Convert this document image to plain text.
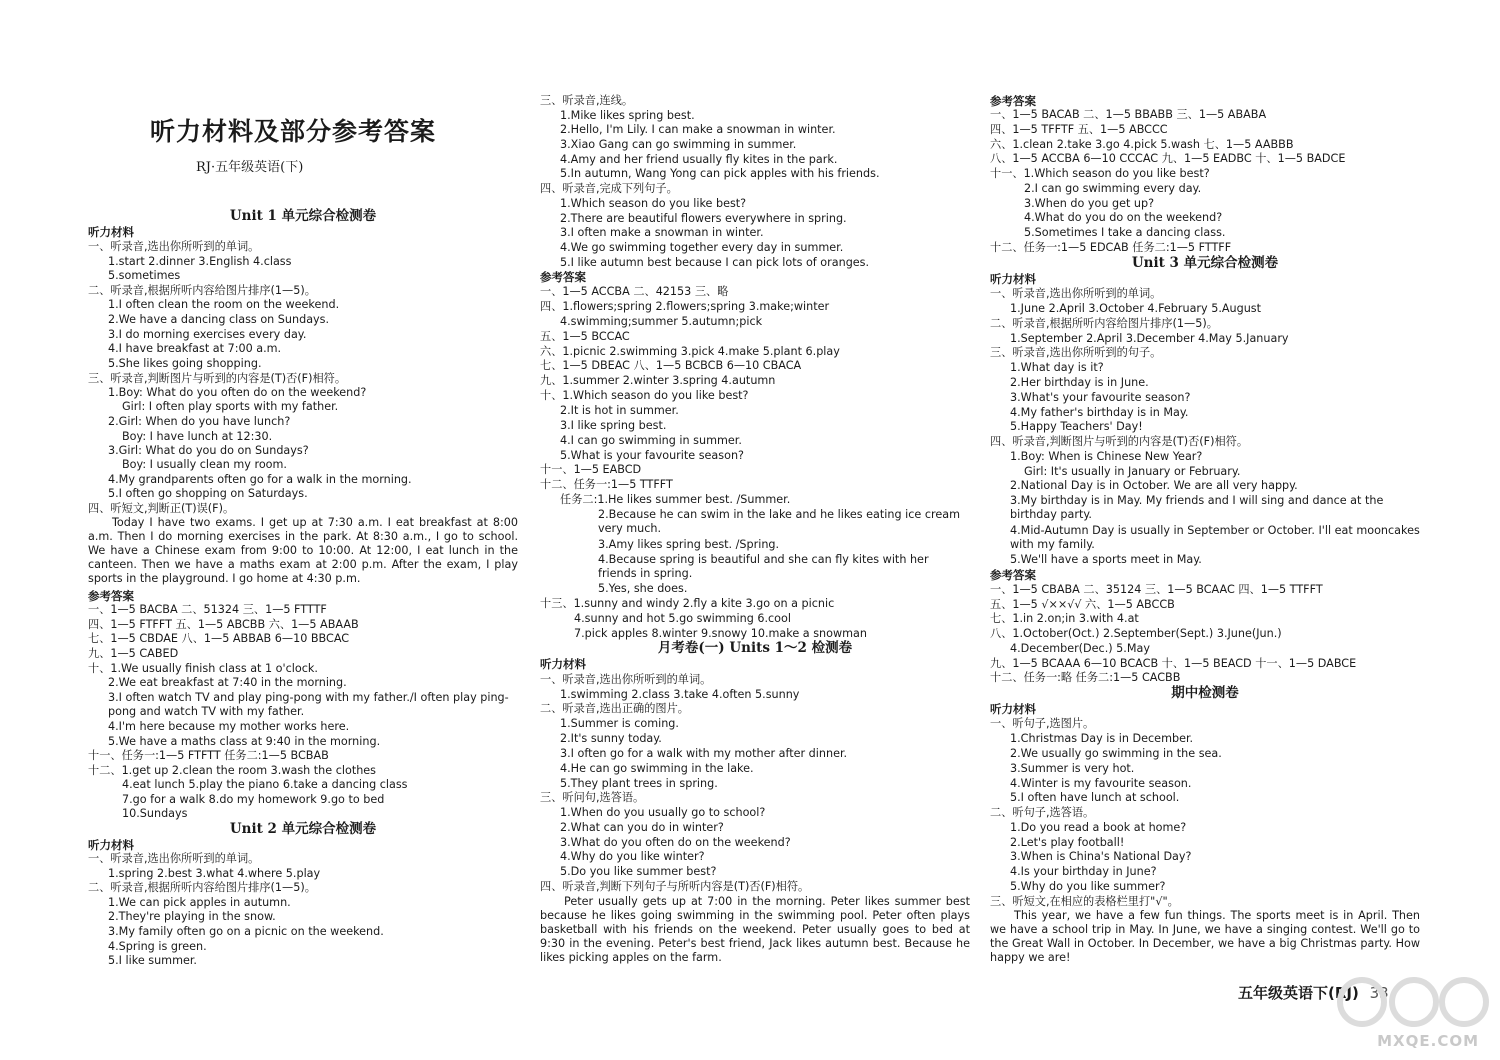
听力材料及部分参考答案
RJ·五年级英语(下)
Unit 1 单元综合检测卷
听力材料
一、听录音,选出你所听到的单词。
1.start 2.dinner 3.English 4.class
5.sometimes
二、听录音,根据所听内容给图片排序(1—5)。
1.I often clean the room on the weekend.
2.We have a dancing class on Sundays.
3.I do morning exercises every day.
4.I have breakfast at 7:00 a.m.
5.She likes going shopping.
三、听录音,判断图片与听到的内容是(T)否(F)相符。
1.Boy: What do you often do on the weekend?
Girl: I often play sports with my father.
2.Girl: When do you have lunch?
Boy: I have lunch at 12:30.
3.Girl: What do you do on Sundays?
Boy: I usually clean my room.
4.My grandparents often go for a walk in the morning.
5.I often go shopping on Saturdays.
四、听短文,判断正(T)误(F)。
Today I have two exams. I get up at 7:30 a.m. I eat breakfast at 8:00 a.m. Then I do morning exercises in the park. At 8:30 a.m., I go to school. We have a Chinese exam from 9:00 to 10:00. At 12:00, I eat lunch in the canteen. Then we have a maths exam at 2:00 p.m. After the exam, I play sports in the playground. I go home at 4:30 p.m.
参考答案
一、1—5 BACBA 二、51324 三、1—5 FTTTF
四、1—5 FTFFT 五、1—5 ABCBB 六、1—5 ABAAB
七、1—5 CBDAE 八、1—5 ABBAB 6—10 BBCAC
九、1—5 CABED
十、1.We usually finish class at 1 o'clock.
2.We eat breakfast at 7:40 in the morning.
3.I often watch TV and play ping-pong with my father./I often play ping-pong and watch TV with my father.
4.I'm here because my mother works here.
5.We have a maths class at 9:40 in the morning.
十一、任务一:1—5 FTFTT 任务二:1—5 BCBAB
十二、1.get up 2.clean the room 3.wash the clothes
4.eat lunch 5.play the piano 6.take a dancing class
7.go for a walk 8.do my homework 9.go to bed
10.Sundays
Unit 2 单元综合检测卷
听力材料
一、听录音,选出你所听到的单词。
1.spring 2.best 3.what 4.where 5.play
二、听录音,根据所听内容给图片排序(1—5)。
1.We can pick apples in autumn.
2.They're playing in the snow.
3.My family often go on a picnic on the weekend.
4.Spring is green.
5.I like summer.
三、听录音,连线。
1.Mike likes spring best.
2.Hello, I'm Lily. I can make a snowman in winter.
3.Xiao Gang can go swimming in summer.
4.Amy and her friend usually fly kites in the park.
5.In autumn, Wang Yong can pick apples with his friends.
四、听录音,完成下列句子。
1.Which season do you like best?
2.There are beautiful flowers everywhere in spring.
3.I often make a snowman in winter.
4.We go swimming together every day in summer.
5.I like autumn best because I can pick lots of oranges.
参考答案
一、1—5 ACCBA 二、42153 三、略
四、1.flowers;spring 2.flowers;spring 3.make;winter
4.swimming;summer 5.autumn;pick
五、1—5 BCCAC
六、1.picnic 2.swimming 3.pick 4.make 5.plant 6.play
七、1—5 DBEAC 八、1—5 BCBCB 6—10 CBACA
九、1.summer 2.winter 3.spring 4.autumn
十、1.Which season do you like best?
2.It is hot in summer.
3.I like spring best.
4.I can go swimming in summer.
5.What is your favourite season?
十一、1—5 EABCD
十二、任务一:1—5 TTFFT
任务二:1.He likes summer best. /Summer.
2.Because he can swim in the lake and he likes eating ice cream very much.
3.Amy likes spring best. /Spring.
4.Because spring is beautiful and she can fly kites with her friends in spring.
5.Yes, she does.
十三、1.sunny and windy 2.fly a kite 3.go on a picnic
4.sunny and hot 5.go swimming 6.cool
7.pick apples 8.winter 9.snowy 10.make a snowman
月考卷(一) Units 1～2 检测卷
听力材料
一、听录音,选出你所听到的单词。
1.swimming 2.class 3.take 4.often 5.sunny
二、听录音,选出正确的图片。
1.Summer is coming.
2.It's sunny today.
3.I often go for a walk with my mother after dinner.
4.He can go swimming in the lake.
5.They plant trees in spring.
三、听问句,选答语。
1.When do you usually go to school?
2.What can you do in winter?
3.What do you often do on the weekend?
4.Why do you like winter?
5.Do you like summer best?
四、听录音,判断下列句子与所听内容是(T)否(F)相符。
Peter usually gets up at 7:00 in the morning. Peter likes summer best because he likes going swimming in the swimming pool. Peter often plays basketball with his friends on the weekend. Peter usually goes to bed at 9:30 in the evening. Peter's best friend, Jack likes autumn best. Because he likes picking apples on the farm.
参考答案
一、1—5 BACAB 二、1—5 BBABB 三、1—5 ABABA
四、1—5 TFFTF 五、1—5 ABCCC
六、1.clean 2.take 3.go 4.pick 5.wash 七、1—5 AABBB
八、1—5 ACCBA 6—10 CCCAC 九、1—5 EADBC 十、1—5 BADCE
十一、1.Which season do you like best?
2.I can go swimming every day.
3.When do you get up?
4.What do you do on the weekend?
5.Sometimes I take a dancing class.
十二、任务一:1—5 EDCAB 任务二:1—5 FTTFF
Unit 3 单元综合检测卷
听力材料
一、听录音,选出你所听到的单词。
1.June 2.April 3.October 4.February 5.August
二、听录音,根据所听内容给图片排序(1—5)。
1.September 2.April 3.December 4.May 5.January
三、听录音,选出你所听到的句子。
1.What day is it?
2.Her birthday is in June.
3.What's your favourite season?
4.My father's birthday is in May.
5.Happy Teachers' Day!
四、听录音,判断图片与听到的内容是(T)否(F)相符。
1.Boy: When is Chinese New Year?
Girl: It's usually in January or February.
2.National Day is in October. We are all very happy.
3.My birthday is in May. My friends and I will sing and dance at the birthday party.
4.Mid-Autumn Day is usually in September or October. I'll eat mooncakes with my family.
5.We'll have a sports meet in May.
参考答案
一、1—5 CBABA 二、35124 三、1—5 BCAAC 四、1—5 TTFFT
五、1—5 √××√√ 六、1—5 ABCCB
七、1.in 2.on;in 3.with 4.at
八、1.October(Oct.) 2.September(Sept.) 3.June(Jun.)
4.December(Dec.) 5.May
九、1—5 BCAAA 6—10 BCACB 十、1—5 BEACD 十一、1—5 DABCE
十二、任务一:略 任务二:1—5 CACBB
期中检测卷
听力材料
一、听句子,选图片。
1.Christmas Day is in December.
2.We usually go swimming in the sea.
3.Summer is very hot.
4.Winter is my favourite season.
5.I often have lunch at school.
二、听句子,选答语。
1.Do you read a book at home?
2.Let's play football!
3.When is China's National Day?
4.Is your birthday in June?
5.Why do you like summer?
三、听短文,在相应的表格栏里打"√"。
This year, we have a few fun things. The sports meet is in April. Then we have a school trip in May. In June, we have a singing contest. We'll go to the Great Wall in October. In December, we have a big Christmas party. How happy we are!
五年级英语下(RJ) 33
MXQE.COM
